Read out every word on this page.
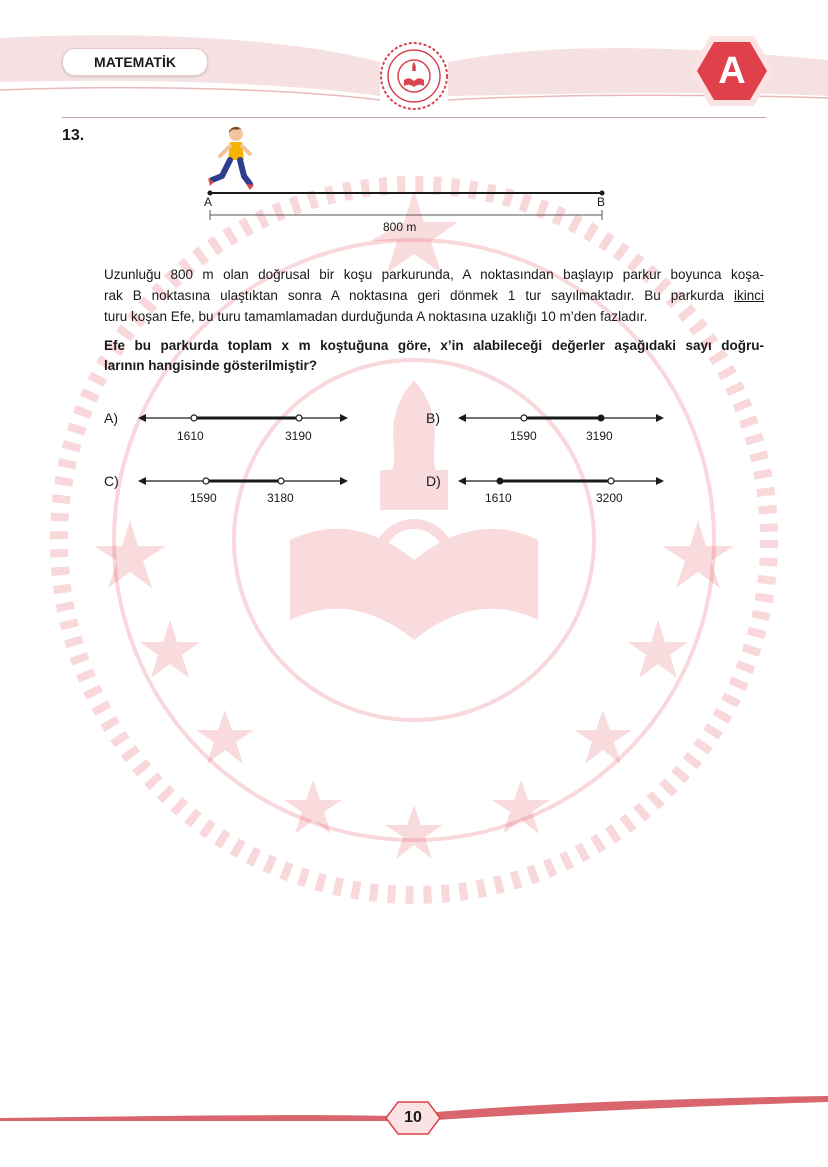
MATEMATİK	A
13.
A	B
800 m
Uzunluğu 800 m olan doğrusal bir koşu parkurunda, A noktasından başlayıp parkur boyunca koşa-
rak B noktasına ulaştıktan sonra A noktasına geri dönmek 1 tur sayılmaktadır. Bu parkurda ikinci
turu koşan Efe, bu turu tamamlamadan durduğunda A noktasına uzaklığı 10 m’den fazladır.
Efe bu parkurda toplam x m koştuğuna göre, x’in alabileceği değerler aşağıdaki sayı doğru-
larının hangisinde gösterilmiştir?
A)
1610	3190
B)
1590	3190
C)
1590	3180
D)
1610	3200
10
